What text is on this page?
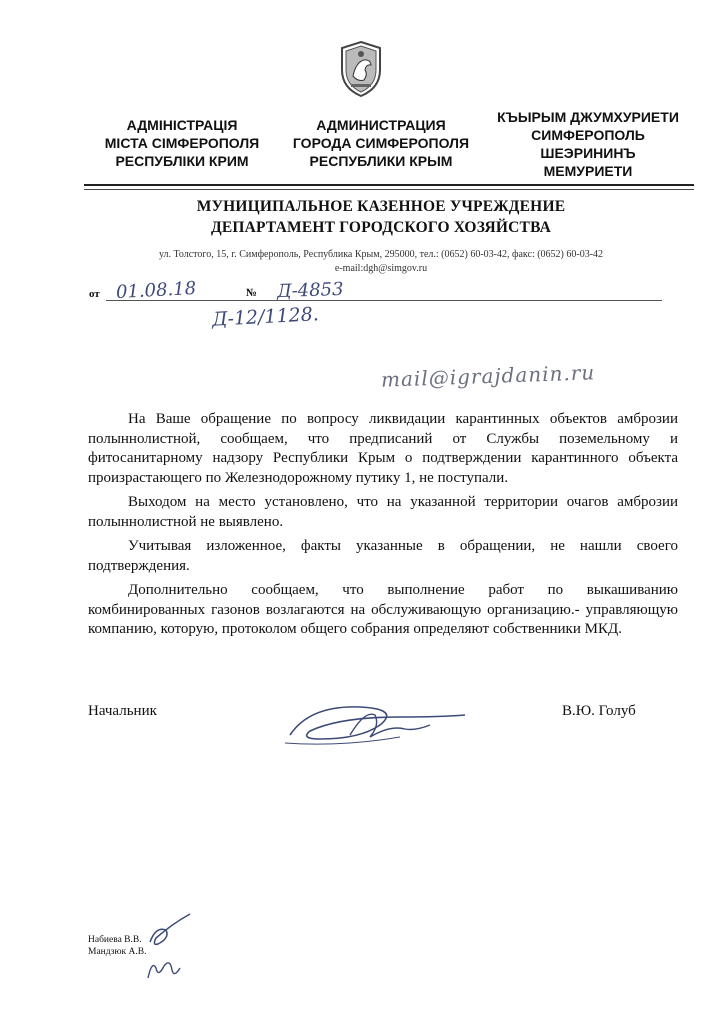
АДМІНІСТРАЦІЯ
МІСТА СІМФЕРОПОЛЯ
РЕСПУБЛІКИ КРИМ
АДМИНИСТРАЦИЯ
ГОРОДА СИМФЕРОПОЛЯ
РЕСПУБЛИКИ КРЫМ
КЪЫРЫМ ДЖУМХУРИЕТИ
СИМФЕРОПОЛЬ
ШЕЭРИНИНЪ
МЕМУРИЕТИ
МУНИЦИПАЛЬНОЕ КАЗЕННОЕ УЧРЕЖДЕНИЕ
ДЕПАРТАМЕНТ ГОРОДСКОГО ХОЗЯЙСТВА
ул. Толстого, 15, г. Симферополь, Республика Крым, 295000, тел.: (0652) 60-03-42, факс: (0652) 60-03-42
e-mail:dgh@simgov.ru
от	№
01.08.18	Д-4853
Д-12/1128.
mail@igrajdanin.ru

На Ваше обращение по вопросу ликвидации карантинных объектов амброзии полыннолистной, сообщаем, что предписаний от Службы поземельному и фитосанитарному надзору Республики Крым о подтверждении карантинного объекта произрастающего по Железнодорожному путику 1, не поступали.

Выходом на место установлено, что на указанной территории очагов амброзии полыннолистной не выявлено.

Учитывая изложенное, факты указанные в обращении, не нашли своего подтверждения.

Дополнительно сообщаем, что выполнение работ по выкашиванию комбинированных газонов возлагаются на обслуживающую организацию.- управляющую компанию, которую, протоколом общего собрания определяют собственники МКД.

Начальник	В.Ю. Голуб
Набиева В.В.
Мандзюк А.В.
